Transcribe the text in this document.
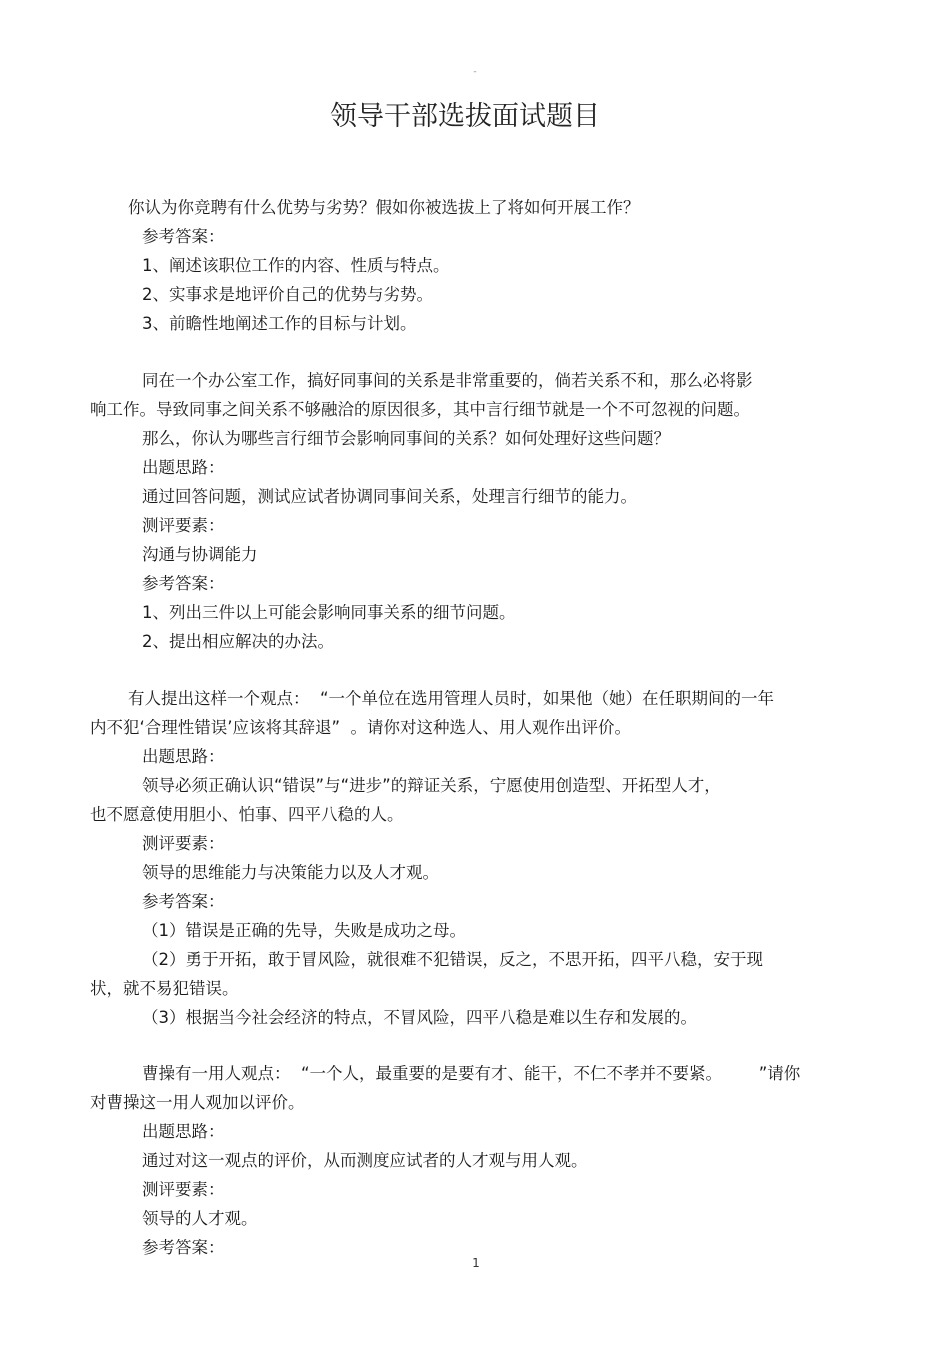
-
领导干部选拔面试题目
你认为你竞聘有什么优势与劣势？假如你被选拔上了将如何开展工作？
参考答案：
1、阐述该职位工作的内容、性质与特点。
2、实事求是地评价自己的优势与劣势。
3、前瞻性地阐述工作的目标与计划。
同在一个办公室工作，搞好同事间的关系是非常重要的，倘若关系不和，那么必将影
响工作。导致同事之间关系不够融洽的原因很多，其中言行细节就是一个不可忽视的问题。
那么，你认为哪些言行细节会影响同事间的关系？如何处理好这些问题？
出题思路：
通过回答问题，测试应试者协调同事间关系，处理言行细节的能力。
测评要素：
沟通与协调能力
参考答案：
1、列出三件以上可能会影响同事关系的细节问题。
2、提出相应解决的办法。
有人提出这样一个观点：  “一个单位在选用管理人员时，如果他（她）在任职期间的一年
内不犯‘合理性错误’应该将其辞退”  。请你对这种选人、用人观作出评价。
出题思路：
领导必须正确认识“错误”与“进步”的辩证关系，宁愿使用创造型、开拓型人才，
也不愿意使用胆小、怕事、四平八稳的人。
测评要素：
领导的思维能力与决策能力以及人才观。
参考答案：
（1）错误是正确的先导，失败是成功之母。
（2）勇于开拓，敢于冒风险，就很难不犯错误，反之，不思开拓，四平八稳，安于现
状，就不易犯错误。
（3）根据当今社会经济的特点，不冒风险，四平八稳是难以生存和发展的。
曹操有一用人观点：  “一个人，最重要的是要有才、能干，不仁不孝并不要紧。       ”请你
对曹操这一用人观加以评价。
出题思路：
通过对这一观点的评价，从而测度应试者的人才观与用人观。
测评要素：
领导的人才观。
参考答案：
1
